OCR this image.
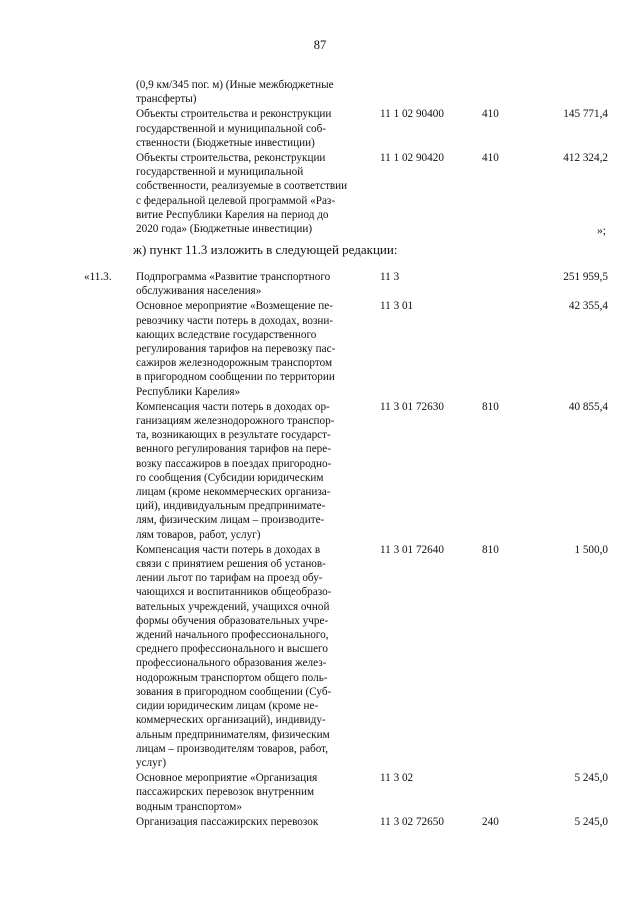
87
(0,9 км/345 пог. м) (Иные межбюджетные
трансферты)
Объекты строительства и реконструкции
государственной и муниципальной соб-
ственности (Бюджетные инвестиции)
11 1 02 90400	410	145 771,4
Объекты строительства, реконструкции
государственной и муниципальной
собственности, реализуемые в соответствии
с федеральной целевой программой «Раз-
витие Республики Карелия на период до
2020 года» (Бюджетные инвестиции)
11 1 02 90420	410	412 324,2
»;
ж) пункт 11.3 изложить в следующей редакции:
«11.3.	Подпрограмма «Развитие транспортного
обслуживания населения»
11 3	251 959,5
Основное мероприятие «Возмещение пе-
ревозчику части потерь в доходах, возни-
кающих вследствие государственного
регулирования тарифов на перевозку пас-
сажиров железнодорожным транспортом
в пригородном сообщении по территории
Республики Карелия»
11 3 01	42 355,4
Компенсация части потерь в доходах ор-
ганизациям железнодорожного транспор-
та, возникающих в результате государст-
венного регулирования тарифов на пере-
возку пассажиров в поездах пригородно-
го сообщения (Субсидии юридическим
лицам (кроме некоммерческих организа-
ций), индивидуальным предпринимате-
лям, физическим лицам – производите-
лям товаров, работ, услуг)
11 3 01 72630	810	40 855,4
Компенсация части потерь в доходах в
связи с принятием решения об установ-
лении льгот по тарифам на проезд обу-
чающихся и воспитанников общеобразо-
вательных учреждений, учащихся очной
формы обучения образовательных учре-
ждений начального профессионального,
среднего профессионального и высшего
профессионального образования желез-
нодорожным транспортом общего поль-
зования в пригородном сообщении (Суб-
сидии юридическим лицам (кроме не-
коммерческих организаций), индивиду-
альным предпринимателям, физическим
лицам – производителям товаров, работ,
услуг)
11 3 01 72640	810	1 500,0
Основное мероприятие «Организация
пассажирских перевозок внутренним
водным транспортом»
11 3 02	5 245,0
Организация пассажирских перевозок	11 3 02 72650	240	5 245,0
